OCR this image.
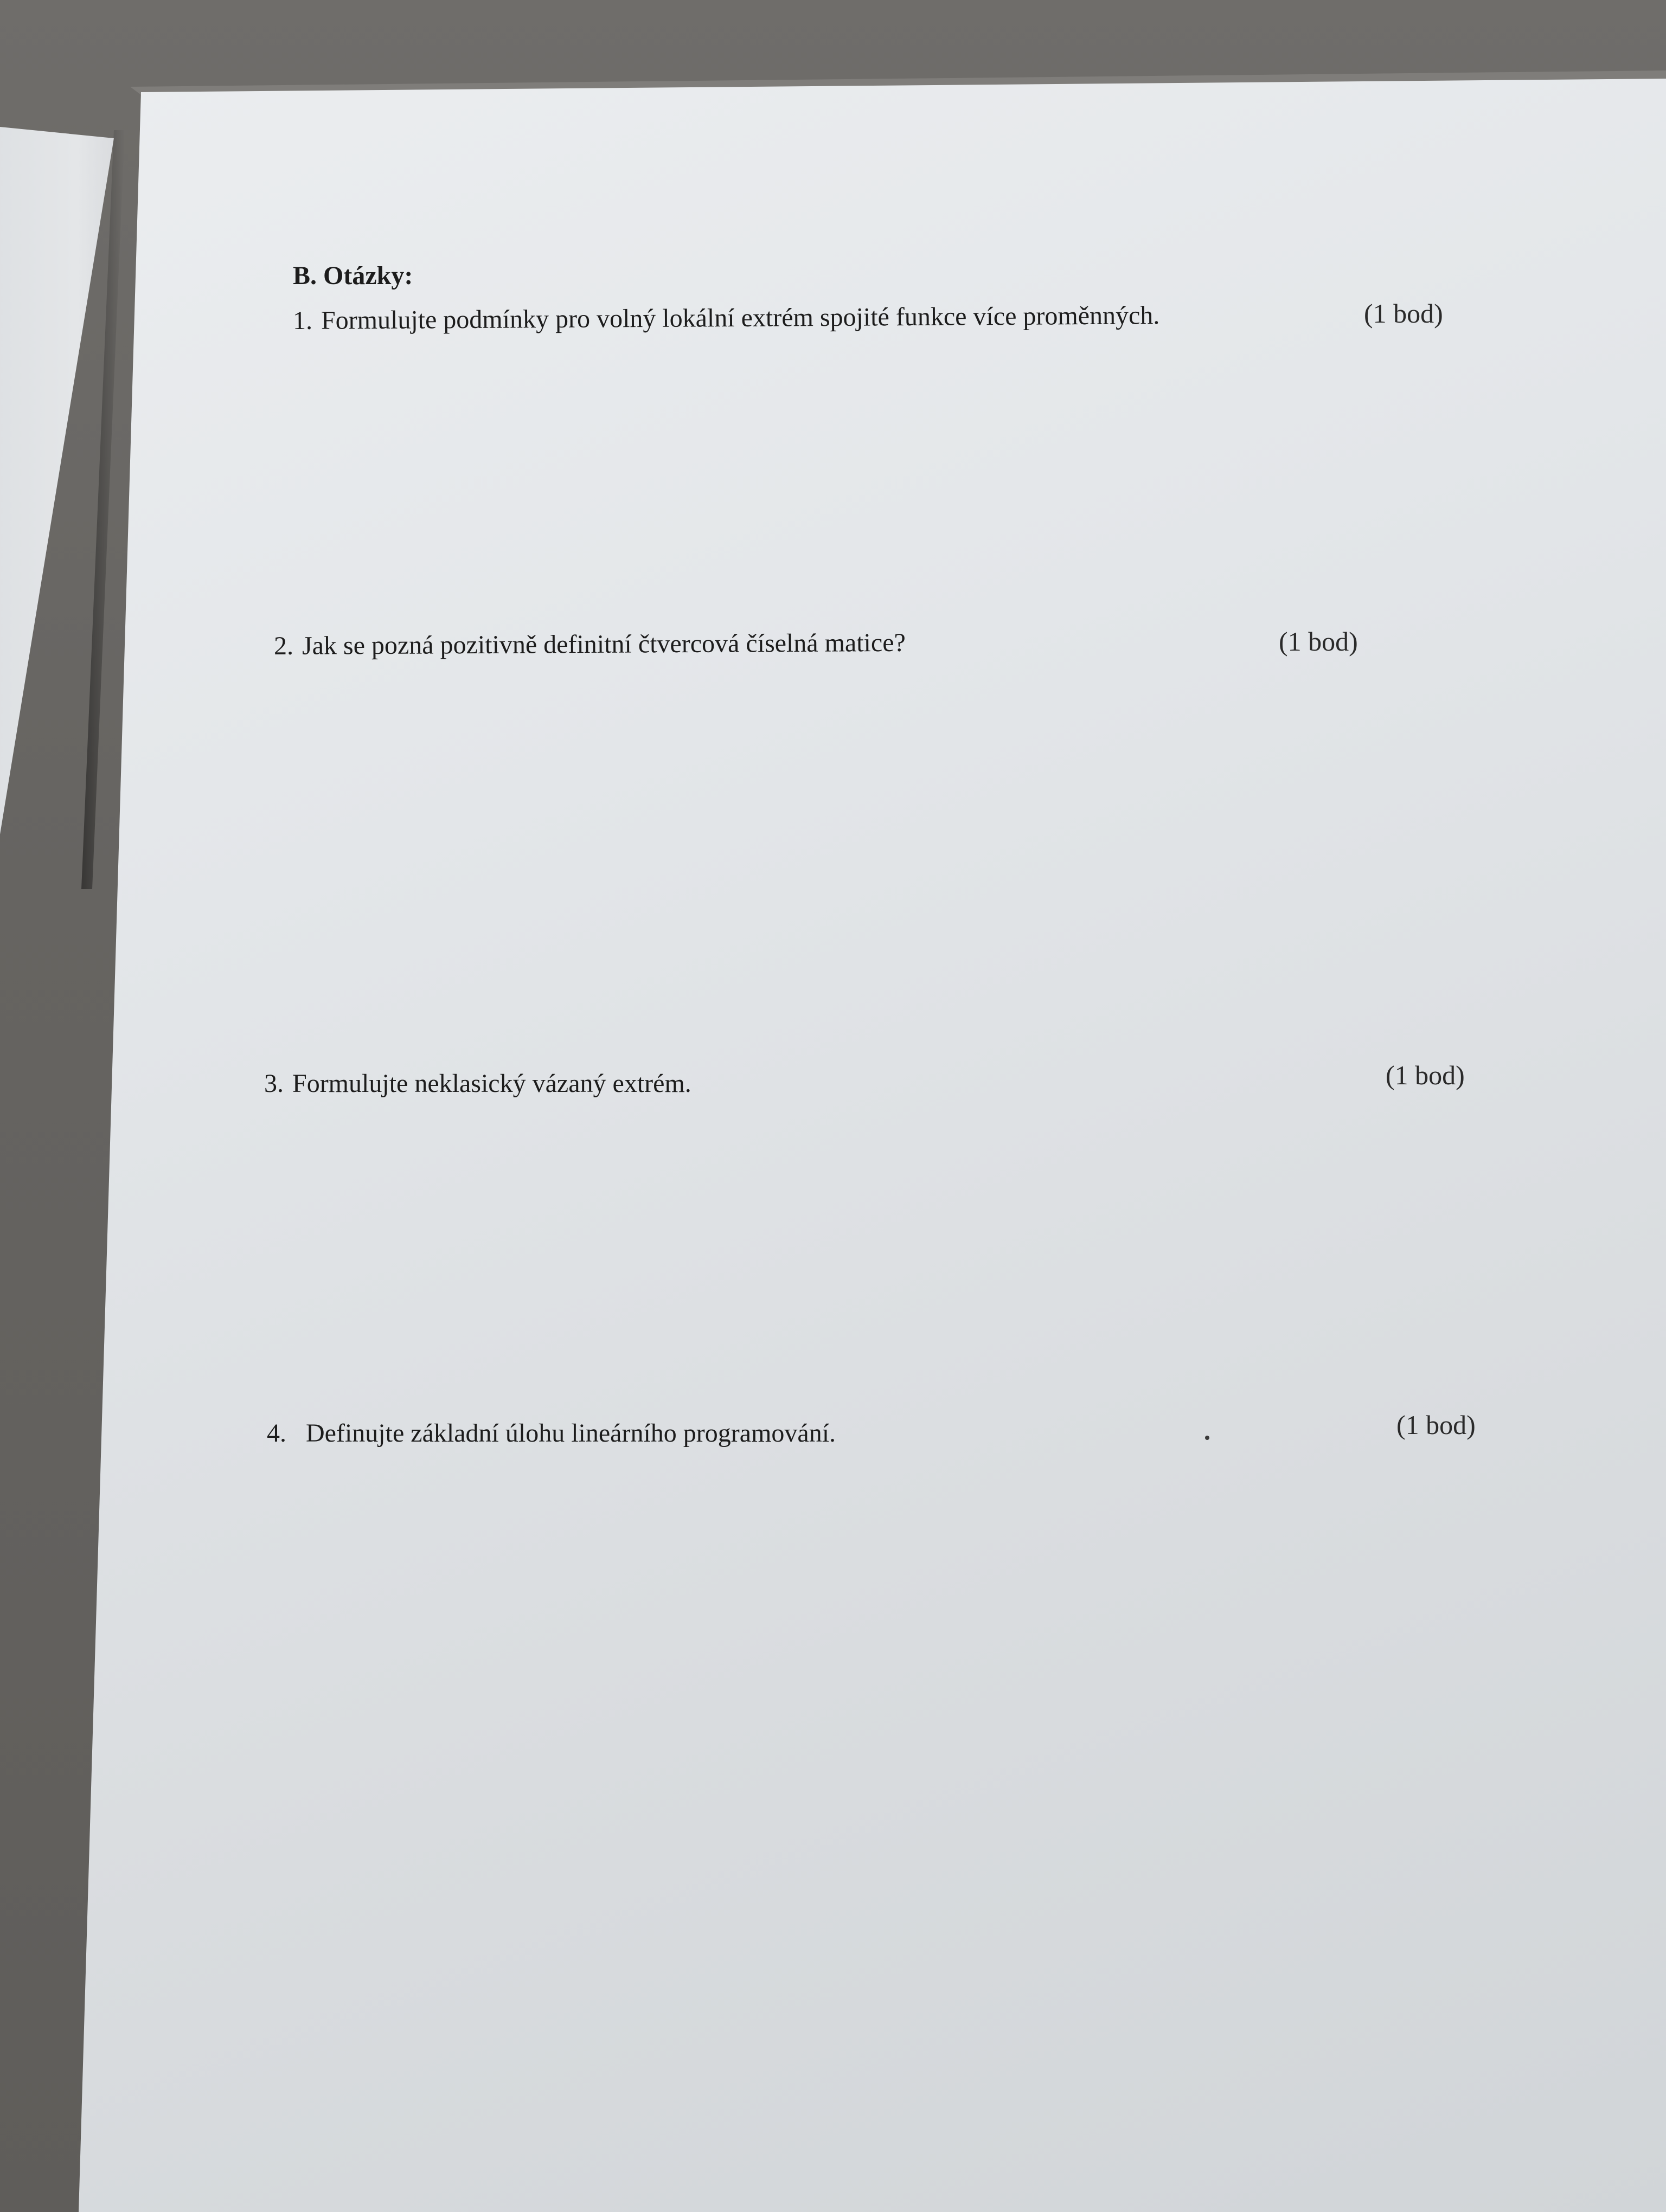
B. Otázky:
1. Formulujte podmínky pro volný lokální extrém spojité funkce více proměnných.	(1 bod)
2. Jak se pozná pozitivně definitní čtvercová číselná matice?	(1 bod)
3. Formulujte neklasický vázaný extrém.	(1 bod)
4. Definujte základní úlohu lineárního programování.	(1 bod)
